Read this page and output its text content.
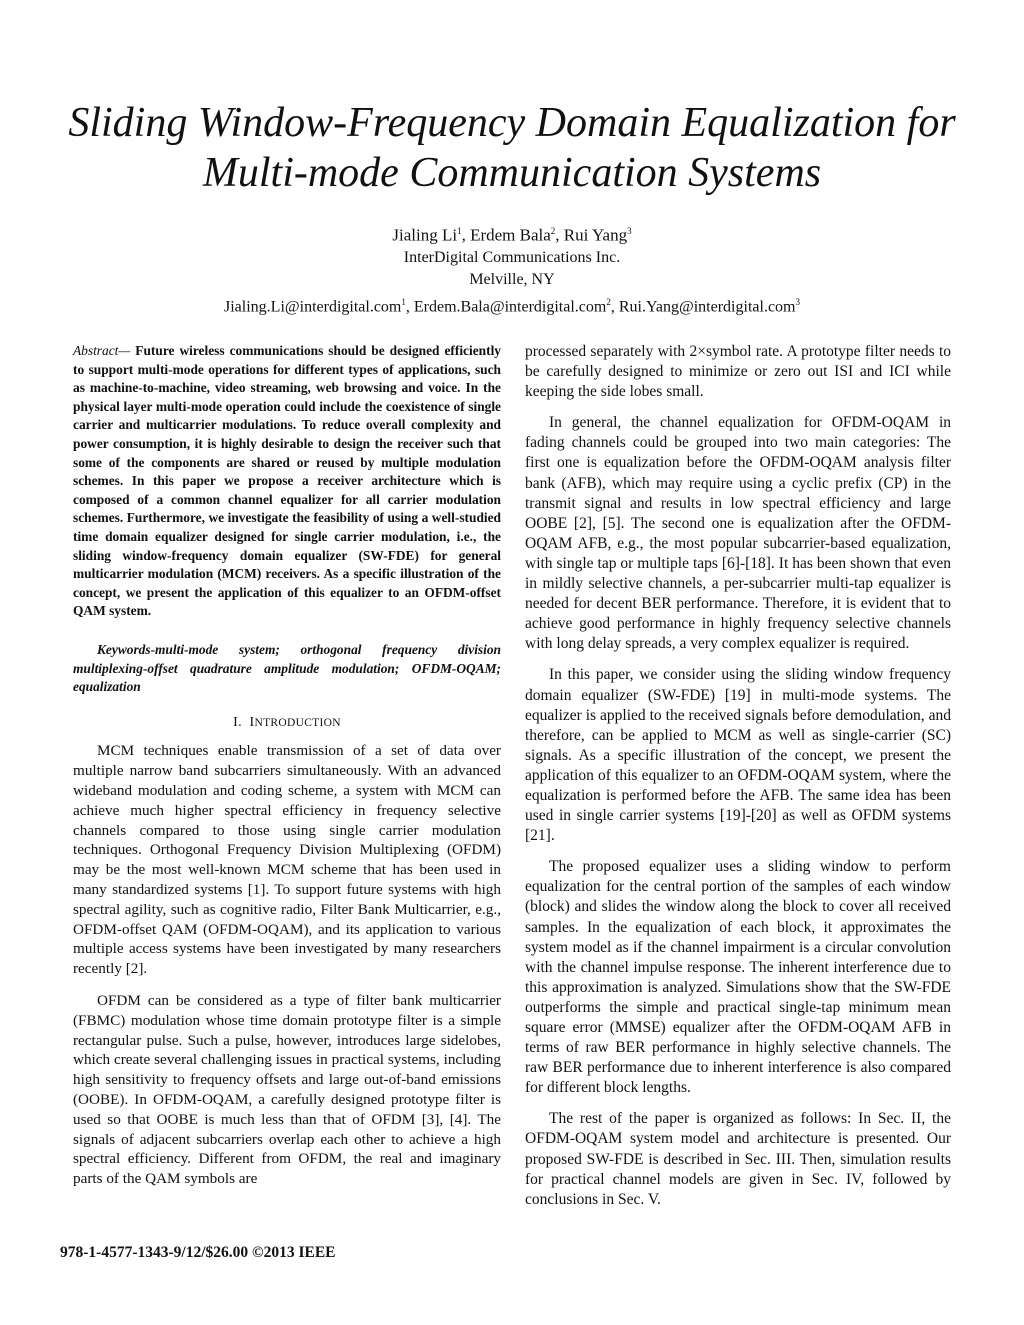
Sliding Window-Frequency Domain Equalization for
Multi-mode Communication Systems
Jialing Li$^1$, Erdem Bala$^2$, Rui Yang$^3$
InterDigital Communications Inc.
Melville, NY
Jialing.Li@interdigital.com$^1$, Erdem.Bala@interdigital.com$^2$, Rui.Yang@interdigital.com$^3$

Abstract— Future wireless communications should be designed efficiently to support multi-mode operations for different types of applications, such as machine-to-machine, video streaming, web browsing and voice. In the physical layer multi-mode operation could include the coexistence of single carrier and multicarrier modulations. To reduce overall complexity and power consumption, it is highly desirable to design the receiver such that some of the components are shared or reused by multiple modulation schemes. In this paper we propose a receiver architecture which is composed of a common channel equalizer for all carrier modulation schemes. Furthermore, we investigate the feasibility of using a well-studied time domain equalizer designed for single carrier modulation, i.e., the sliding window-frequency domain equalizer (SW-FDE) for general multicarrier modulation (MCM) receivers. As a specific illustration of the concept, we present the application of this equalizer to an OFDM-offset QAM system.

Keywords-multi-mode system; orthogonal frequency division multiplexing-offset quadrature amplitude modulation; OFDM-OQAM; equalization

I. INTRODUCTION

MCM techniques enable transmission of a set of data over multiple narrow band subcarriers simultaneously. With an advanced wideband modulation and coding scheme, a system with MCM can achieve much higher spectral efficiency in frequency selective channels compared to those using single carrier modulation techniques. Orthogonal Frequency Division Multiplexing (OFDM) may be the most well-known MCM scheme that has been used in many standardized systems [1]. To support future systems with high spectral agility, such as cognitive radio, Filter Bank Multicarrier, e.g., OFDM-offset QAM (OFDM-OQAM), and its application to various multiple access systems have been investigated by many researchers recently [2].

OFDM can be considered as a type of filter bank multicarrier (FBMC) modulation whose time domain prototype filter is a simple rectangular pulse. Such a pulse, however, introduces large sidelobes, which create several challenging issues in practical systems, including high sensitivity to frequency offsets and large out-of-band emissions (OOBE). In OFDM-OQAM, a carefully designed prototype filter is used so that OOBE is much less than that of OFDM [3], [4]. The signals of adjacent subcarriers overlap each other to achieve a high spectral efficiency. Different from OFDM, the real and imaginary parts of the QAM symbols are

processed separately with 2×symbol rate. A prototype filter needs to be carefully designed to minimize or zero out ISI and ICI while keeping the side lobes small.

In general, the channel equalization for OFDM-OQAM in fading channels could be grouped into two main categories: The first one is equalization before the OFDM-OQAM analysis filter bank (AFB), which may require using a cyclic prefix (CP) in the transmit signal and results in low spectral efficiency and large OOBE [2], [5]. The second one is equalization after the OFDM-OQAM AFB, e.g., the most popular subcarrier-based equalization, with single tap or multiple taps [6]-[18]. It has been shown that even in mildly selective channels, a per-subcarrier multi-tap equalizer is needed for decent BER performance. Therefore, it is evident that to achieve good performance in highly frequency selective channels with long delay spreads, a very complex equalizer is required.

In this paper, we consider using the sliding window frequency domain equalizer (SW-FDE) [19] in multi-mode systems. The equalizer is applied to the received signals before demodulation, and therefore, can be applied to MCM as well as single-carrier (SC) signals. As a specific illustration of the concept, we present the application of this equalizer to an OFDM-OQAM system, where the equalization is performed before the AFB. The same idea has been used in single carrier systems [19]-[20] as well as OFDM systems [21].

The proposed equalizer uses a sliding window to perform equalization for the central portion of the samples of each window (block) and slides the window along the block to cover all received samples. In the equalization of each block, it approximates the system model as if the channel impairment is a circular convolution with the channel impulse response. The inherent interference due to this approximation is analyzed. Simulations show that the SW-FDE outperforms the simple and practical single-tap minimum mean square error (MMSE) equalizer after the OFDM-OQAM AFB in terms of raw BER performance in highly selective channels. The raw BER performance due to inherent interference is also compared for different block lengths.

The rest of the paper is organized as follows: In Sec. II, the OFDM-OQAM system model and architecture is presented. Our proposed SW-FDE is described in Sec. III. Then, simulation results for practical channel models are given in Sec. IV, followed by conclusions in Sec. V.

978-1-4577-1343-9/12/$26.00 ©2013 IEEE
